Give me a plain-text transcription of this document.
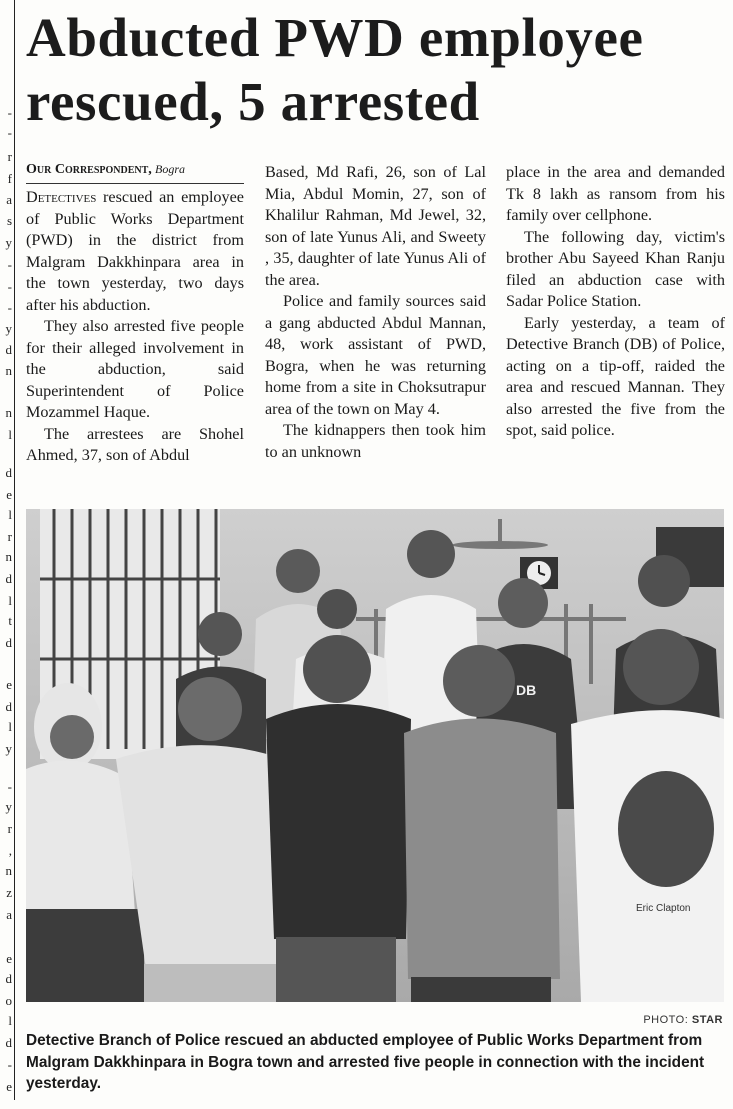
-
-
r
f
a
s
y
-
-
-
y
d
n
n
l
d
e
l
r
n
d
l
t
d
e
d
l
y
-
y
r
,
n
z
a
e
d
o
l
d
-
e
Abducted PWD employee rescued, 5 arrested
Our Correspondent, Bogra

Detectives rescued an employee of Public Works Department (PWD) in the district from Malgram Dakkhinpara area in the town yesterday, two days after his abduction.

They also arrested five people for their alleged involvement in the abduction, said Superintendent of Police Mozammel Haque.

The arrestees are Shohel Ahmed, 37, son of Abdul

Based, Md Rafi, 26, son of Lal Mia, Abdul Momin, 27, son of Khalilur Rahman, Md Jewel, 32, son of late Yunus Ali, and Sweety , 35, daughter of late Yunus Ali of the area.

Police and family sources said a gang abducted Abdul Mannan, 48, work assistant of PWD, Bogra, when he was returning home from a site in Choksutrapur area of the town on May 4.

The kidnappers then took him to an unknown

place in the area and demanded Tk 8 lakh as ransom from his family over cellphone.

The following day, victim's brother Abu Sayeed Khan Ranju filed an abduction case with Sadar Police Station.

Early yesterday, a team of Detective Branch (DB) of Police, acting on a tip-off, raided the area and rescued Mannan. They also arrested the five from the spot, said police.

DB
Eric Clapton
PHOTO: STAR
Detective Branch of Police rescued an abducted employee of Public Works Department from Malgram Dakkhinpara in Bogra town and arrested five people in connection with the incident yesterday.
